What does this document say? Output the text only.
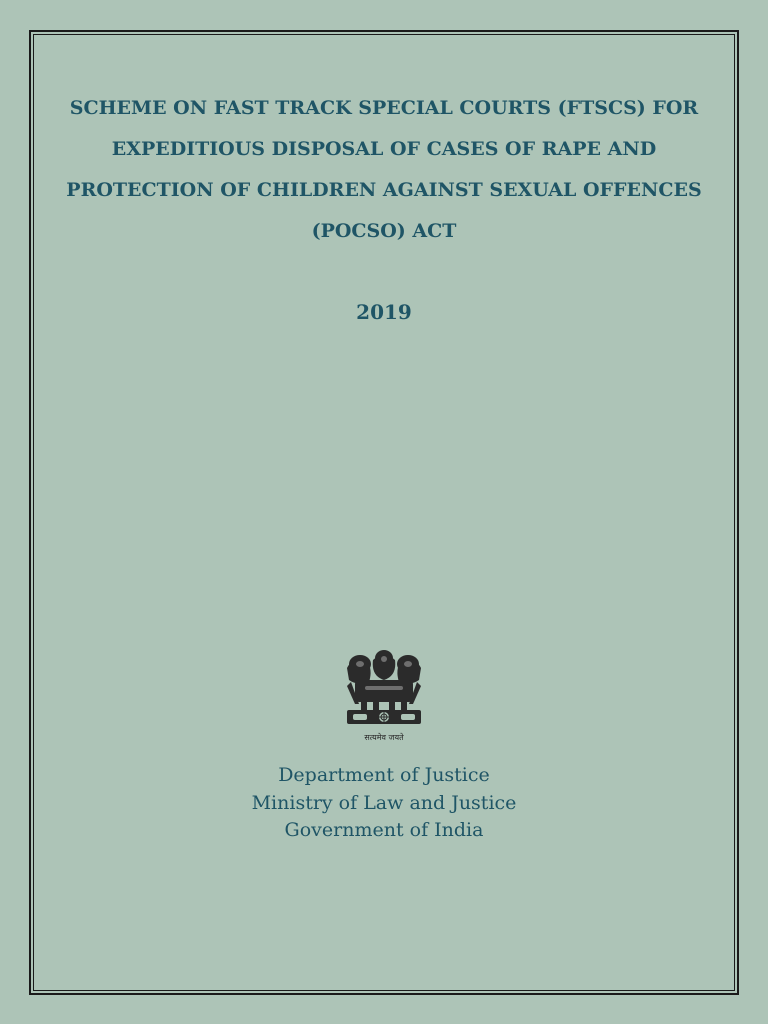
SCHEME ON FAST TRACK SPECIAL COURTS (FTSCS) FOR
EXPEDITIOUS DISPOSAL OF CASES OF RAPE AND
PROTECTION OF CHILDREN AGAINST SEXUAL OFFENCES
(POCSO) ACT
2019
सत्यमेव जयते
Department of Justice
Ministry of Law and Justice
Government of India
